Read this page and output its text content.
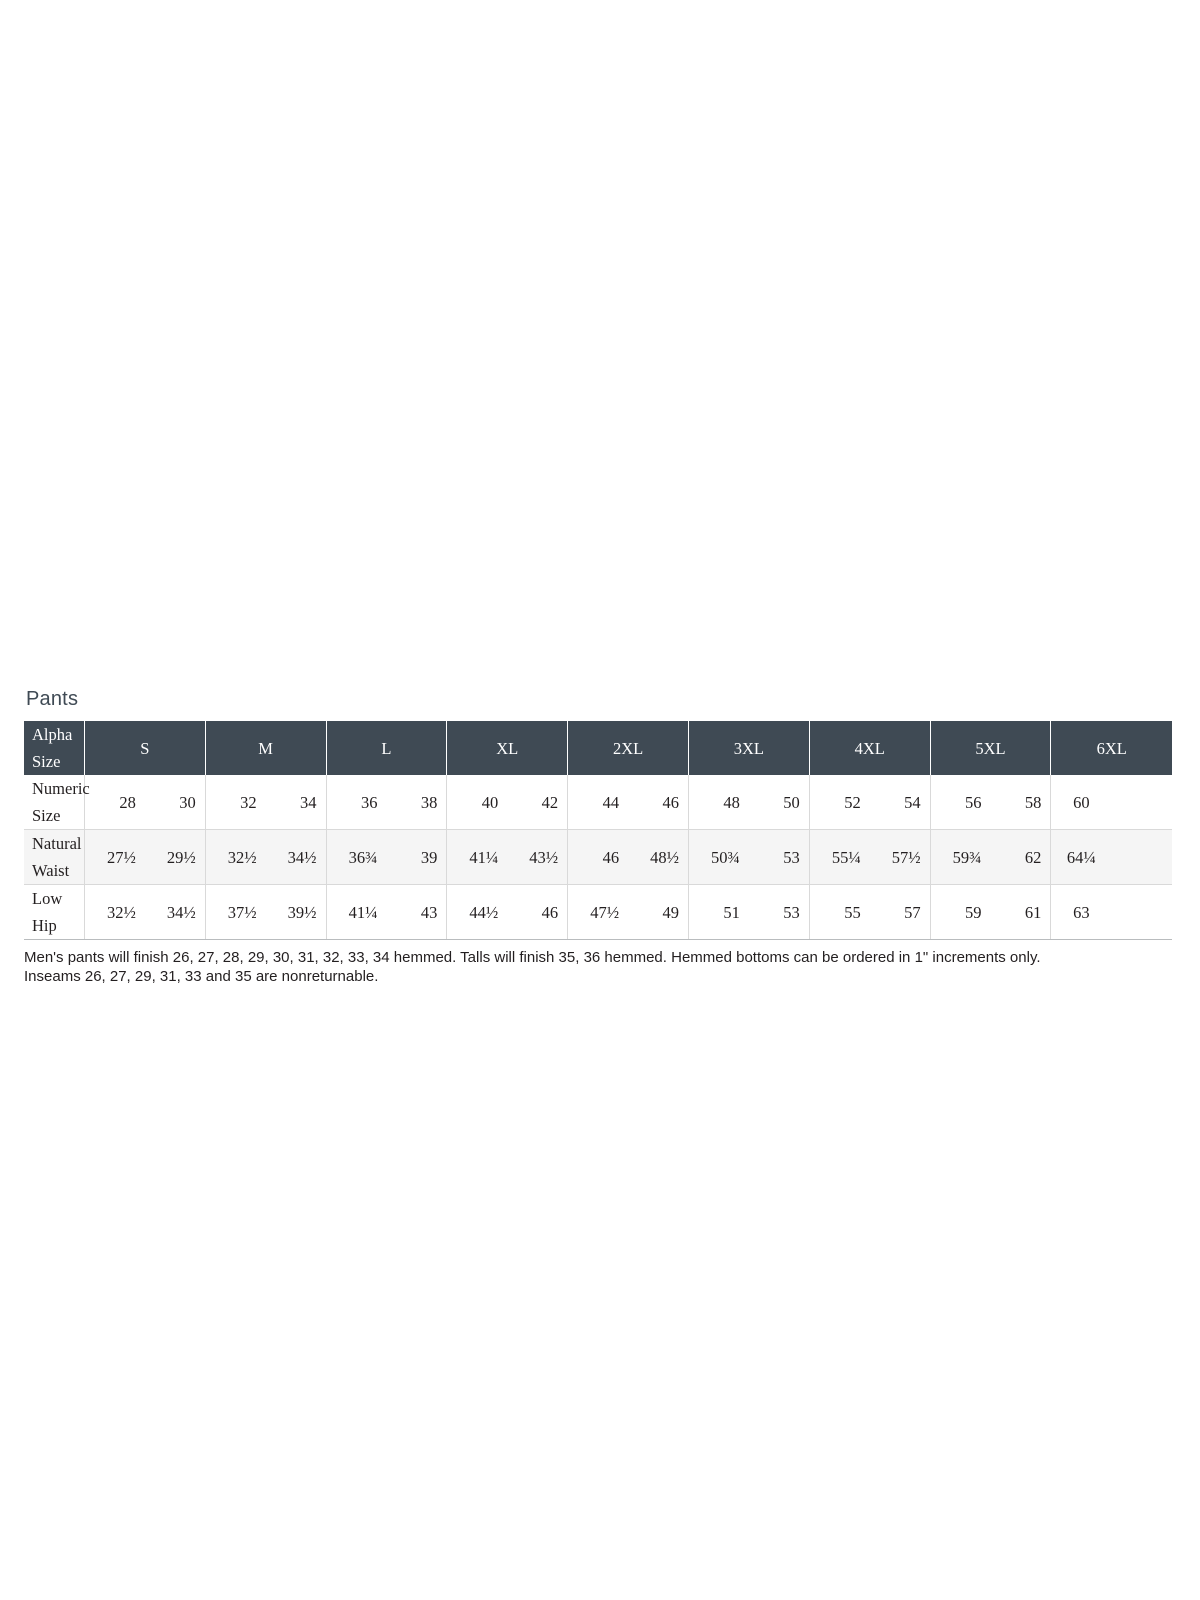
Pants
Alpha Size	S		M		L		XL		2XL		3XL		4XL		5XL		6XL	
Numeric Size	28	30	32	34	36	38	40	42	44	46	48	50	52	54	56	58	60	
Natural Waist	27½	29½	32½	34½	36¾	39	41¼	43½	46	48½	50¾	53	55¼	57½	59¾	62	64¼	
Low Hip	32½	34½	37½	39½	41¼	43	44½	46	47½	49	51	53	55	57	59	61	63	
Men's pants will finish 26, 27, 28, 29, 30, 31, 32, 33, 34 hemmed. Talls will finish 35, 36 hemmed. Hemmed bottoms can be ordered in 1" increments only.
Inseams 26, 27, 29, 31, 33 and 35 are nonreturnable.
